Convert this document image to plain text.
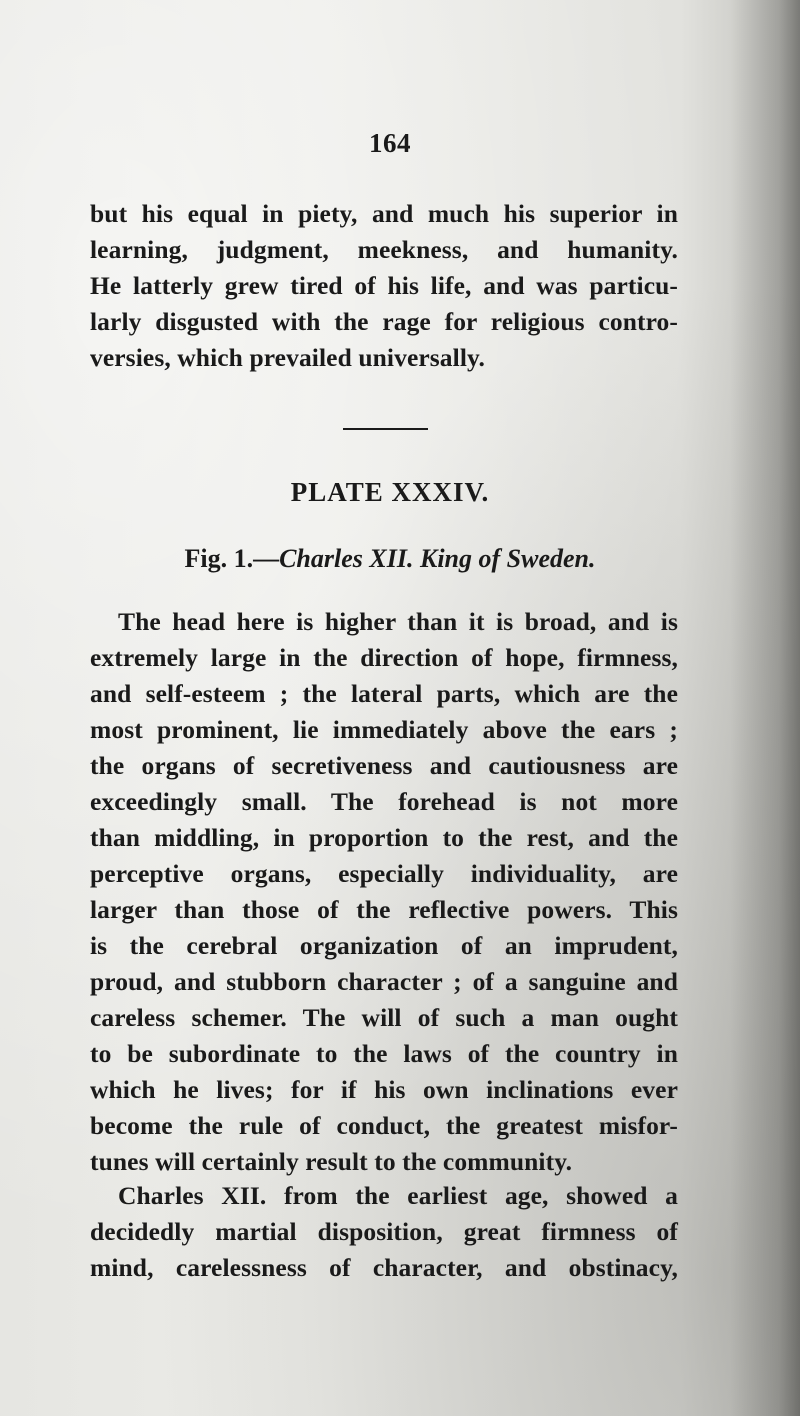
164
but his equal in piety, and much his superior in
learning, judgment, meekness, and humanity.
He latterly grew tired of his life, and was particu-
larly disgusted with the rage for religious contro-
versies, which prevailed universally.
PLATE XXXIV.
Fig. 1.—Charles XII. King of Sweden.
The head here is higher than it is broad, and is
extremely large in the direction of hope, firmness,
and self-esteem ; the lateral parts, which are the
most prominent, lie immediately above the ears ;
the organs of secretiveness and cautiousness are
exceedingly small. The forehead is not more
than middling, in proportion to the rest, and the
perceptive organs, especially individuality, are
larger than those of the reflective powers. This
is the cerebral organization of an imprudent,
proud, and stubborn character ; of a sanguine and
careless schemer. The will of such a man ought
to be subordinate to the laws of the country in
which he lives; for if his own inclinations ever
become the rule of conduct, the greatest misfor-
tunes will certainly result to the community.
Charles XII. from the earliest age, showed a
decidedly martial disposition, great firmness of
mind, carelessness of character, and obstinacy,
